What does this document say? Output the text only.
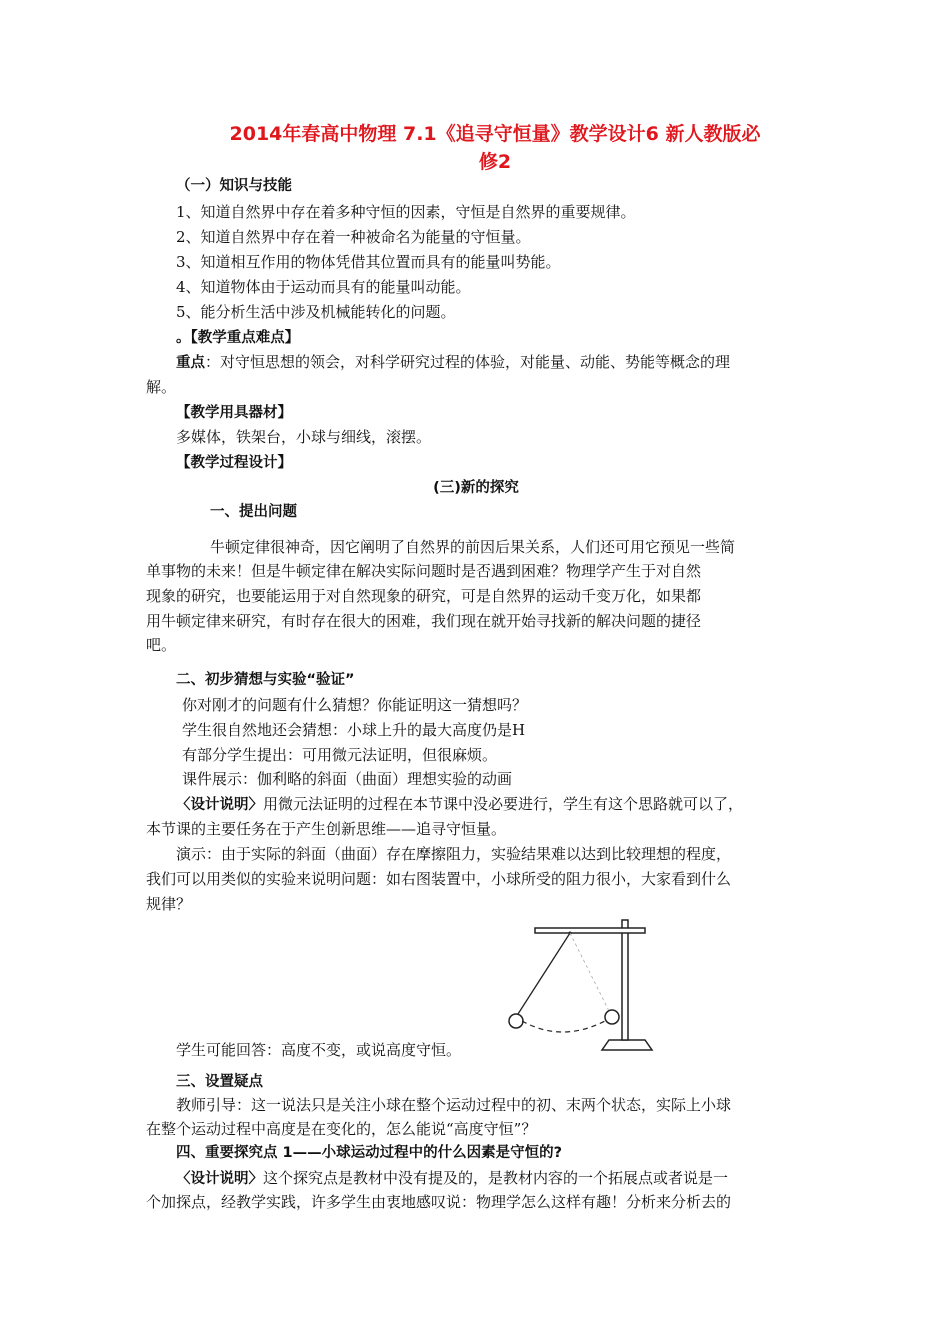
2014年春高中物理 7.1《追寻守恒量》教学设计6 新人教版必
修2
（一）知识与技能
1、知道自然界中存在着多种守恒的因素，守恒是自然界的重要规律。
2、知道自然界中存在着一种被命名为能量的守恒量。
3、知道相互作用的物体凭借其位置而具有的能量叫势能。
4、知道物体由于运动而具有的能量叫动能。
5、能分析生活中涉及机械能转化的问题。
。【教学重点难点】
重点：对守恒思想的领会，对科学研究过程的体验，对能量、动能、势能等概念的理
解。
【教学用具器材】
多媒体，铁架台，小球与细线，滚摆。
【教学过程设计】
(三)新的探究
一、提出问题
牛顿定律很神奇，因它阐明了自然界的前因后果关系，人们还可用它预见一些简
单事物的未来！但是牛顿定律在解决实际问题时是否遇到困难？物理学产生于对自然
现象的研究，也要能运用于对自然现象的研究，可是自然界的运动千变万化，如果都
用牛顿定律来研究，有时存在很大的困难，我们现在就开始寻找新的解决问题的捷径
吧。
二、初步猜想与实验“验证”
你对刚才的问题有什么猜想？你能证明这一猜想吗？
学生很自然地还会猜想：小球上升的最大高度仍是H
有部分学生提出：可用微元法证明，但很麻烦。
课件展示：伽利略的斜面（曲面）理想实验的动画
〈设计说明〉用微元法证明的过程在本节课中没必要进行，学生有这个思路就可以了，
本节课的主要任务在于产生创新思维——追寻守恒量。
演示：由于实际的斜面（曲面）存在摩擦阻力，实验结果难以达到比较理想的程度，
我们可以用类似的实验来说明问题：如右图装置中，小球所受的阻力很小，大家看到什么
规律？
学生可能回答：高度不变，或说高度守恒。
三、设置疑点
教师引导：这一说法只是关注小球在整个运动过程中的初、末两个状态，实际上小球
在整个运动过程中高度是在变化的，怎么能说“高度守恒”？
四、重要探究点 1——小球运动过程中的什么因素是守恒的?
〈设计说明〉这个探究点是教材中没有提及的，是教材内容的一个拓展点或者说是一
个加探点，经教学实践，许多学生由衷地感叹说：物理学怎么这样有趣！分析来分析去的
